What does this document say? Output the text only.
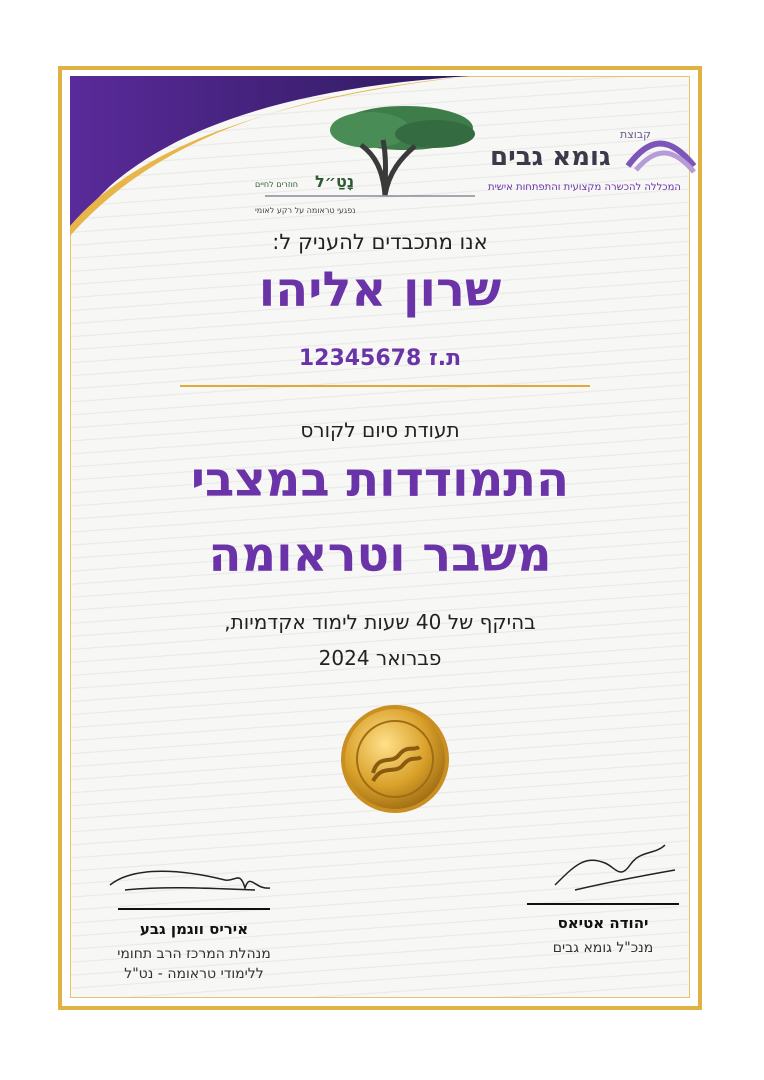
קבוצת
גומא גבים
המכללה להכשרה מקצועית והתפתחות אישית
נָטַ״ל
חוזרים לחיים
נפגעי טראומה על רקע לאומי
אנו מתכבדים להעניק ל:
שרון אליהו
ת.ז 12345678
תעודת סיום לקורס
התמודדות במצבי
משבר וטראומה
בהיקף של 40 שעות לימוד אקדמיות,
פברואר 2024
יהודה אטיאס
מנכ"ל גומא גבים
איריס ווגמן גבע
מנהלת המרכז הרב תחומי
ללימודי טראומה - נט"ל
